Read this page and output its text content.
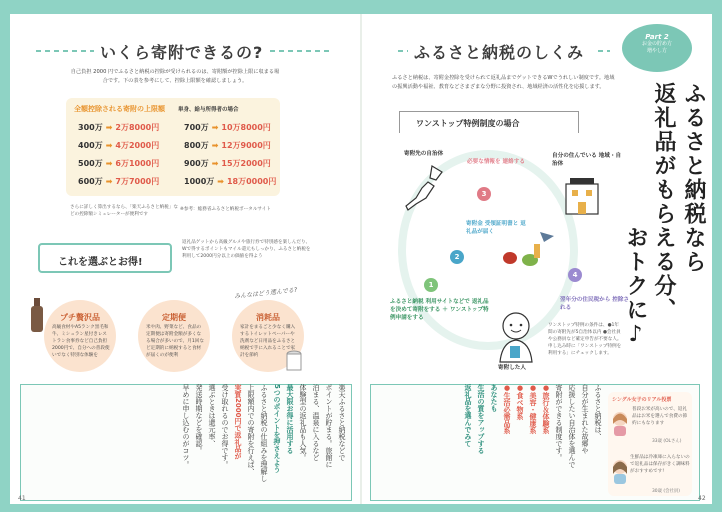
いくら寄附できるの?
自己負担 2000 円でふるさと納税の控除が受けられるのは、寄附額が控除上限に収まる場合です。下の表を参考にして、控除上限額を確認しましょう。
全額控除される寄附の上限額 単身、給与所得者の場合
300万 ➡ 2万8000円
400万 ➡ 4万2000円
500万 ➡ 6万1000円
600万 ➡ 7万7000円
700万 ➡ 10万8000円
800万 ➡ 12万9000円
900万 ➡ 15万2000円
1000万 ➡ 18万0000円
※参考：総務省ふるさと納税ポータルサイト
さらに詳しく算出するなら、「楽天ふるさと納税」などの控除額シミュレーターが便利です
これを選ぶとお得!
返礼品ゲットから高級グルメや旅行券で特別感を楽しんだり、Wで得するポイントもマイル還元もしっかり、ふるさと納税を利用して2000円分以上の価値を得よう
みんなはどう選んでる?
プチ贅沢品
高級食材やA5ランク黒毛和牛、ミシュラン星付きレストラン食事券など自己負担2000円で、自分への普段使いでなく特別な体験を
定期便
米や肉、野菜など、食品の定期便は寄附金額が多くなる場合が多いので、月1回など定期的に納税すると食材が届くのが便利
消耗品
家計をまるごと少なく購入するトイレットペーパーや洗剤など日用品をふるさと納税で手に入れることで家計を節約
楽天ふるさと納税などで
ポイントが貯まる。旅館に
泊まる、温泉に入るなど
体験型の返礼品も人気。
最大限お得に活用する
5つのポイントを押さえよう
ふるさと納税の仕組みを理解し
上限額内での寄附を行えば、
実質2000円で返礼品が
受け取れるのでお得です。
選ぶときは還元率、
発送時期などを確認。
早めに申し込むのがコツ。
41
ふるさと納税のしくみ
ふるさと納税は、寄附金控除を受けられて返礼品までゲットできるWでうれしい制度です。地域の振興活動や福祉、教育などさまざまな分野に投資され、地域経済の活性化を応援します。
ワンストップ特例制度の場合
寄附先の自治体	自分の住んでいる 地域・自治体
3
必要な情報を 連絡する
2
寄附金 受領証明書と 返礼品が届く
1
ふるさと納税 利用サイトなどで 返礼品を決めて寄附をする ＋ ワンストップ特例申請をする
4
翌年分の住民税から 控除される
寄附した人
ワンストップ特例の条件は、●1年間の寄附先が5自治体以内 ●会社員や公務員など確定申告が不要な人。申し込み時に「ワンストップ特例を利用する」にチェックします。
Part 2
お金の貯め方
増やし方
ふるさと納税なら
返礼品がもらえる分、
おトクに♪
ふるさと納税は、
自分が生まれた故郷や
応援したい自治体を選んで
寄附ができる制度です。
●旅行＆体験系
●美容・健康系
●食べ物系
●生活必需品系
あなたも
生活の質をアップする
返礼品を選んでみて	シングル女子のリアル投票
普段お米が高いので、返礼品はお米を選んで食費の節約にもなります
33歳 (OLさん)
生鮮品は冷凍庫に入らないので返礼品は保存がきく調味料がおすすめです!
30歳 (会社員)
42
